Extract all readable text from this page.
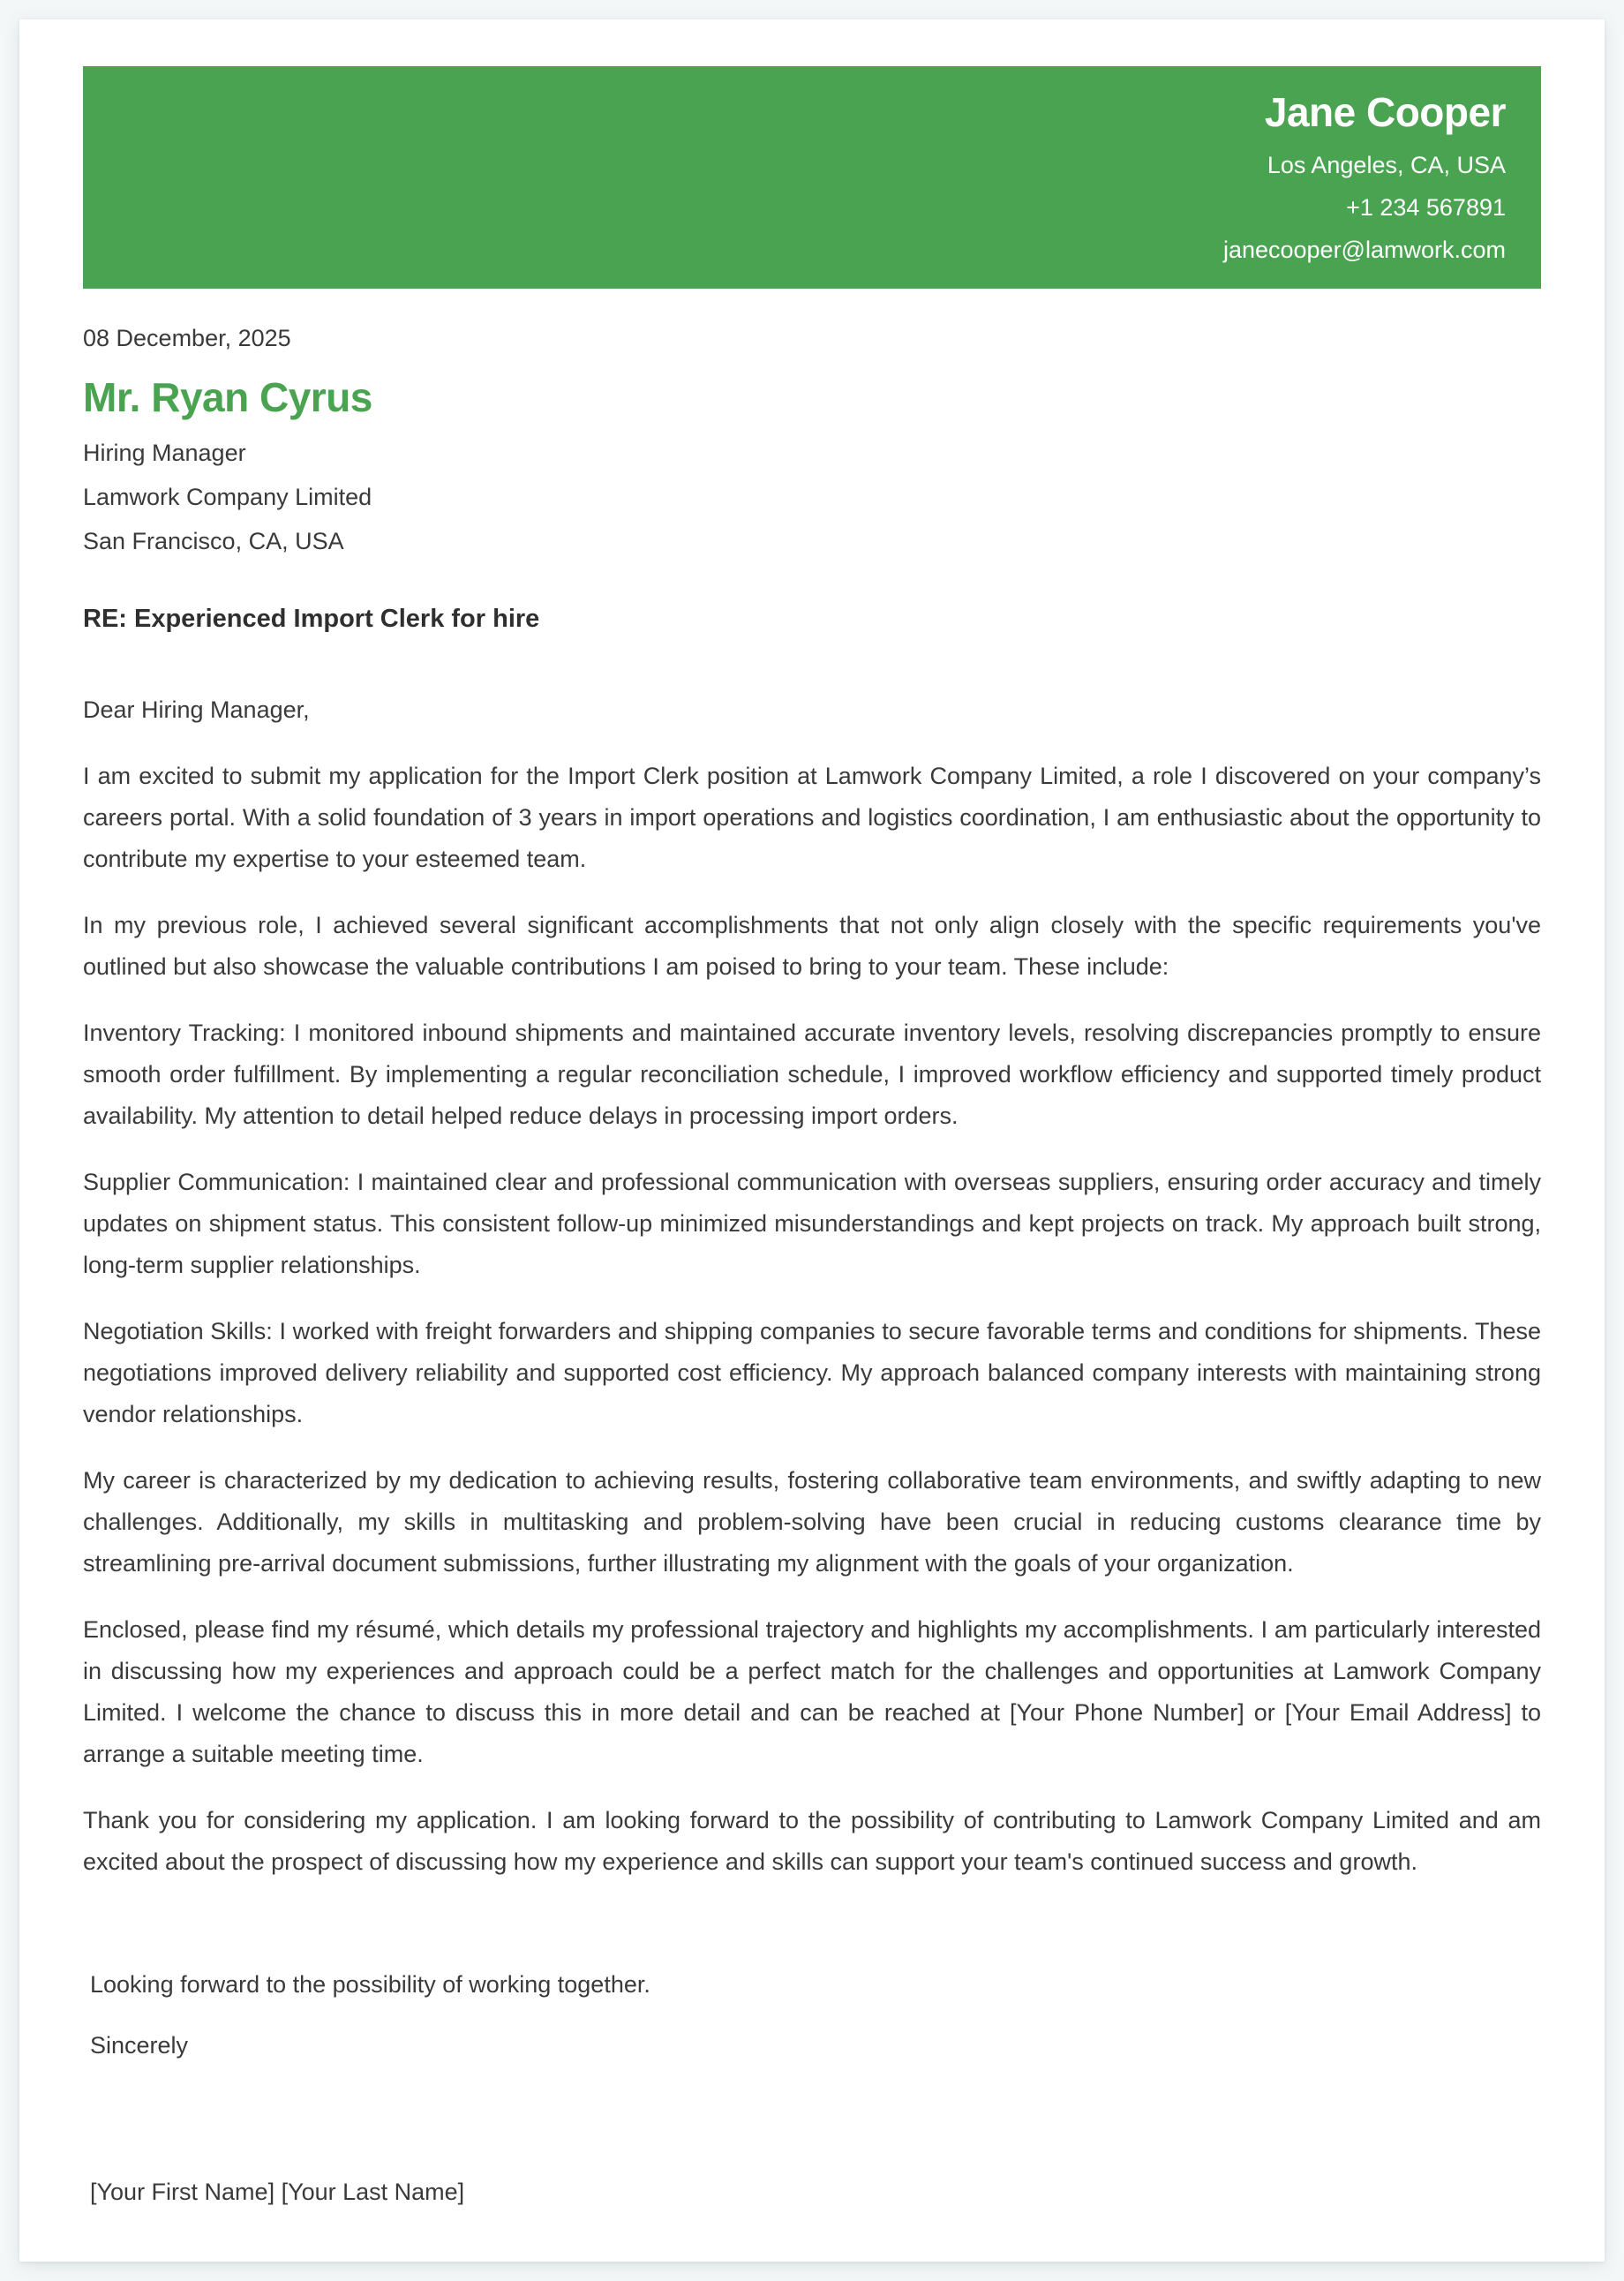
Jane Cooper
Los Angeles, CA, USA
+1 234 567891
janecooper@lamwork.com
08 December, 2025
Mr. Ryan Cyrus
Hiring Manager
Lamwork Company Limited
San Francisco, CA, USA
RE: Experienced Import Clerk for hire
Dear Hiring Manager,

I am excited to submit my application for the Import Clerk position at Lamwork Company Limited, a role I discovered on your company’s careers portal. With a solid foundation of 3 years in import operations and logistics coordination, I am enthusiastic about the opportunity to contribute my expertise to your esteemed team.

In my previous role, I achieved several significant accomplishments that not only align closely with the specific requirements you've outlined but also showcase the valuable contributions I am poised to bring to your team. These include:

Inventory Tracking: I monitored inbound shipments and maintained accurate inventory levels, resolving discrepancies promptly to ensure smooth order fulfillment. By implementing a regular reconciliation schedule, I improved workflow efficiency and supported timely product availability. My attention to detail helped reduce delays in processing import orders.

Supplier Communication: I maintained clear and professional communication with overseas suppliers, ensuring order accuracy and timely updates on shipment status. This consistent follow-up minimized misunderstandings and kept projects on track. My approach built strong, long-term supplier relationships.

Negotiation Skills: I worked with freight forwarders and shipping companies to secure favorable terms and conditions for shipments. These negotiations improved delivery reliability and supported cost efficiency. My approach balanced company interests with maintaining strong vendor relationships.

My career is characterized by my dedication to achieving results, fostering collaborative team environments, and swiftly adapting to new challenges. Additionally, my skills in multitasking and problem-solving have been crucial in reducing customs clearance time by streamlining pre-arrival document submissions, further illustrating my alignment with the goals of your organization.

Enclosed, please find my résumé, which details my professional trajectory and highlights my accomplishments. I am particularly interested in discussing how my experiences and approach could be a perfect match for the challenges and opportunities at Lamwork Company Limited. I welcome the chance to discuss this in more detail and can be reached at [Your Phone Number] or [Your Email Address] to arrange a suitable meeting time.

Thank you for considering my application. I am looking forward to the possibility of contributing to Lamwork Company Limited and am excited about the prospect of discussing how my experience and skills can support your team's continued success and growth.

Looking forward to the possibility of working together.
Sincerely
[Your First Name] [Your Last Name]
